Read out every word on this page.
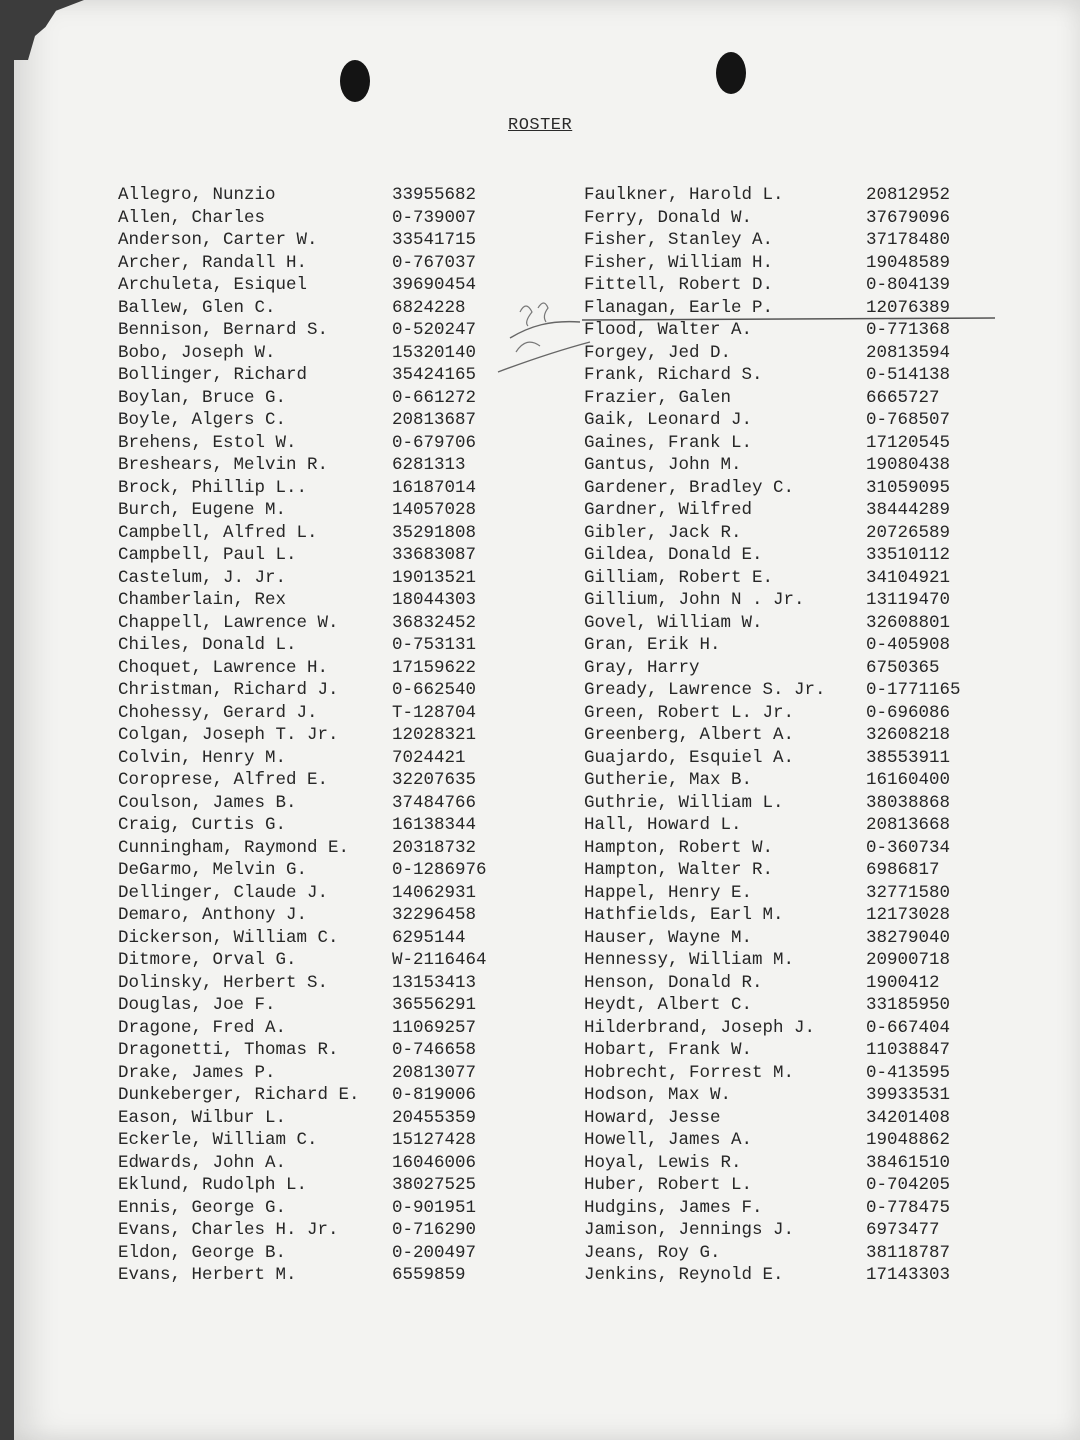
ROSTER
Allegro, Nunzio	33955682
Allen, Charles	0-739007
Anderson, Carter W.	33541715
Archer, Randall H.	0-767037
Archuleta, Esiquel	39690454
Ballew, Glen C.	6824228
Bennison, Bernard S.	0-520247
Bobo, Joseph W.	15320140
Bollinger, Richard	35424165
Boylan, Bruce G.	0-661272
Boyle, Algers C.	20813687
Brehens, Estol W.	0-679706
Breshears, Melvin R.	6281313
Brock, Phillip L..	16187014
Burch, Eugene M.	14057028
Campbell, Alfred L.	35291808
Campbell, Paul L.	33683087
Castelum, J. Jr.	19013521
Chamberlain, Rex	18044303
Chappell, Lawrence W.	36832452
Chiles, Donald L.	0-753131
Choquet, Lawrence H.	17159622
Christman, Richard J.	0-662540
Chohessy, Gerard J.	T-128704
Colgan, Joseph T. Jr.	12028321
Colvin, Henry M.	7024421
Coroprese, Alfred E.	32207635
Coulson, James B.	37484766
Craig, Curtis G.	16138344
Cunningham, Raymond E. 20318732
DeGarmo, Melvin G.	0-1286976
Dellinger, Claude J.	14062931
Demaro, Anthony J.	32296458
Dickerson, William C.	6295144
Ditmore, Orval G.	W-2116464
Dolinsky, Herbert S.	13153413
Douglas, Joe F.	36556291
Dragone, Fred A.	11069257
Dragonetti, Thomas R.	0-746658
Drake, James P.	20813077
Dunkeberger, Richard E. 0-819006
Eason, Wilbur L.	20455359
Eckerle, William C.	15127428
Edwards, John A.	16046006
Eklund, Rudolph L.	38027525
Ennis, George G.	0-901951
Evans, Charles H. Jr.	0-716290
Eldon, George B.	0-200497
Evans, Herbert M.	6559859
Faulkner, Harold L.	20812952
Ferry, Donald W.	37679096
Fisher, Stanley A.	37178480
Fisher, William H.	19048589
Fittell, Robert D.	0-804139
Flanagan, Earle P.	12076389
Flood, Walter A.	0-771368
Forgey, Jed D.	20813594
Frank, Richard S.	0-514138
Frazier, Galen	6665727
Gaik, Leonard J.	0-768507
Gaines, Frank L.	17120545
Gantus, John M.	19080438
Gardener, Bradley C.	31059095
Gardner, Wilfred	38444289
Gibler, Jack R.	20726589
Gildea, Donald E.	33510112
Gilliam, Robert E.	34104921
Gillium, John N . Jr.	13119470
Govel, William W.	32608801
Gran, Erik H.	0-405908
Gray, Harry	6750365
Gready, Lawrence S. Jr. 0-1771165
Green, Robert L. Jr.	0-696086
Greenberg, Albert A.	32608218
Guajardo, Esquiel A.	38553911
Gutherie, Max B.	16160400
Guthrie, William L.	38038868
Hall, Howard L.	20813668
Hampton, Robert W.	0-360734
Hampton, Walter R.	6986817
Happel, Henry E.	32771580
Hathfields, Earl M.	12173028
Hauser, Wayne M.	38279040
Hennessy, William M.	20900718
Henson, Donald R.	1900412
Heydt, Albert C.	33185950
Hilderbrand, Joseph J.	0-667404
Hobart, Frank W.	11038847
Hobrecht, Forrest M.	0-413595
Hodson, Max W.	39933531
Howard, Jesse	34201408
Howell, James A.	19048862
Hoyal, Lewis R.	38461510
Huber, Robert L.	0-704205
Hudgins, James F.	0-778475
Jamison, Jennings J.	6973477
Jeans, Roy G.	38118787
Jenkins, Reynold E.	17143303
